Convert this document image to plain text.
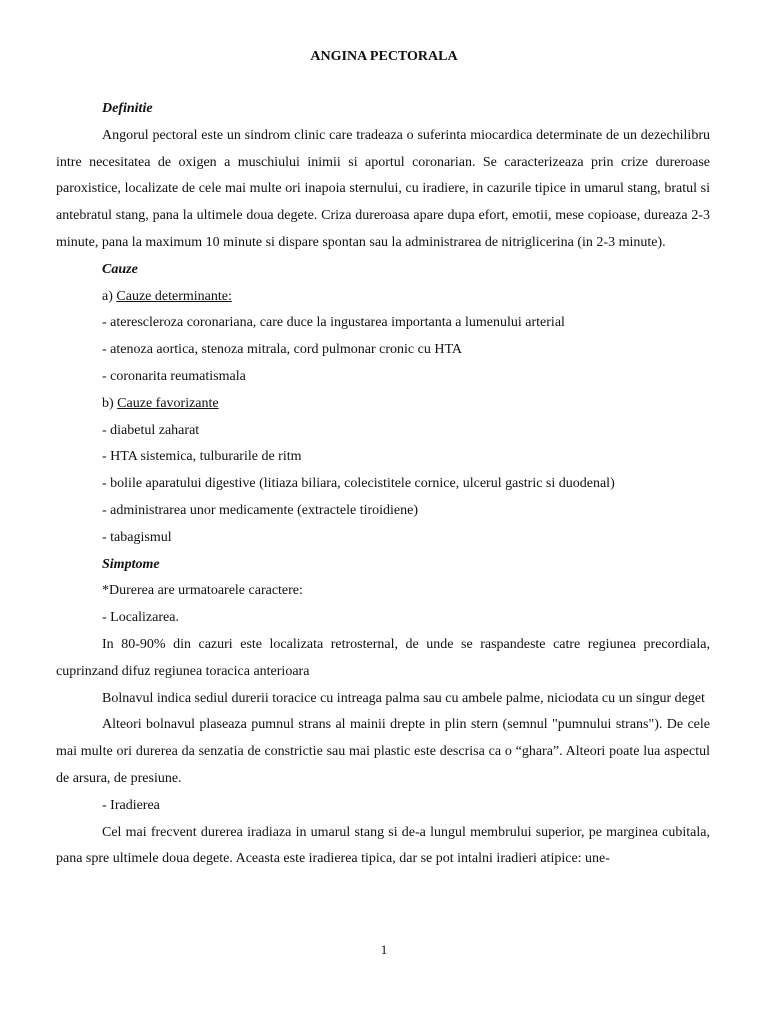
ANGINA PECTORALA

Definitie

Angorul pectoral este un sindrom clinic care tradeaza o suferinta miocardica determinate de un dezechilibru intre necesitatea de oxigen a muschiului inimii si aportul coronarian. Se caracterizeaza prin crize dureroase paroxistice, localizate de cele mai multe ori inapoia sternului, cu iradiere, in cazurile tipice in umarul stang, bratul si antebratul stang, pana la ultimele doua degete. Criza dureroasa apare dupa efort, emotii, mese copioase, dureaza 2-3 minute, pana la maximum 10 minute si dispare spontan sau la administrarea de nitriglicerina (in 2-3 minute).

Cauze

a) Cauze determinante:

- aterescleroza coronariana, care duce la ingustarea importanta a lumenului arterial

- atenoza aortica, stenoza mitrala, cord pulmonar cronic cu HTA

- coronarita reumatismala

b) Cauze favorizante

- diabetul zaharat

- HTA sistemica, tulburarile de ritm

- bolile aparatului digestive (litiaza biliara, colecistitele cornice, ulcerul gastric si duodenal)

- administrarea unor medicamente (extractele tiroidiene)

- tabagismul

Simptome

*Durerea are urmatoarele caractere:

- Localizarea.

In 80-90% din cazuri este localizata retrosternal, de unde se raspandeste catre regiunea precordiala, cuprinzand difuz regiunea toracica anterioara

Bolnavul indica sediul durerii toracice cu intreaga palma sau cu ambele palme, niciodata cu un singur deget

Alteori bolnavul plaseaza pumnul strans al mainii drepte in plin stern (semnul "pumnului strans"). De cele mai multe ori durerea da senzatia de constrictie sau mai plastic este descrisa ca o “ghara”. Alteori poate lua aspectul de arsura, de presiune.

- Iradierea

Cel mai frecvent durerea iradiaza in umarul stang si de-a lungul membrului superior, pe marginea cubitala, pana spre ultimele doua degete. Aceasta este iradierea tipica, dar se pot intalni iradieri atipice: une-

1
